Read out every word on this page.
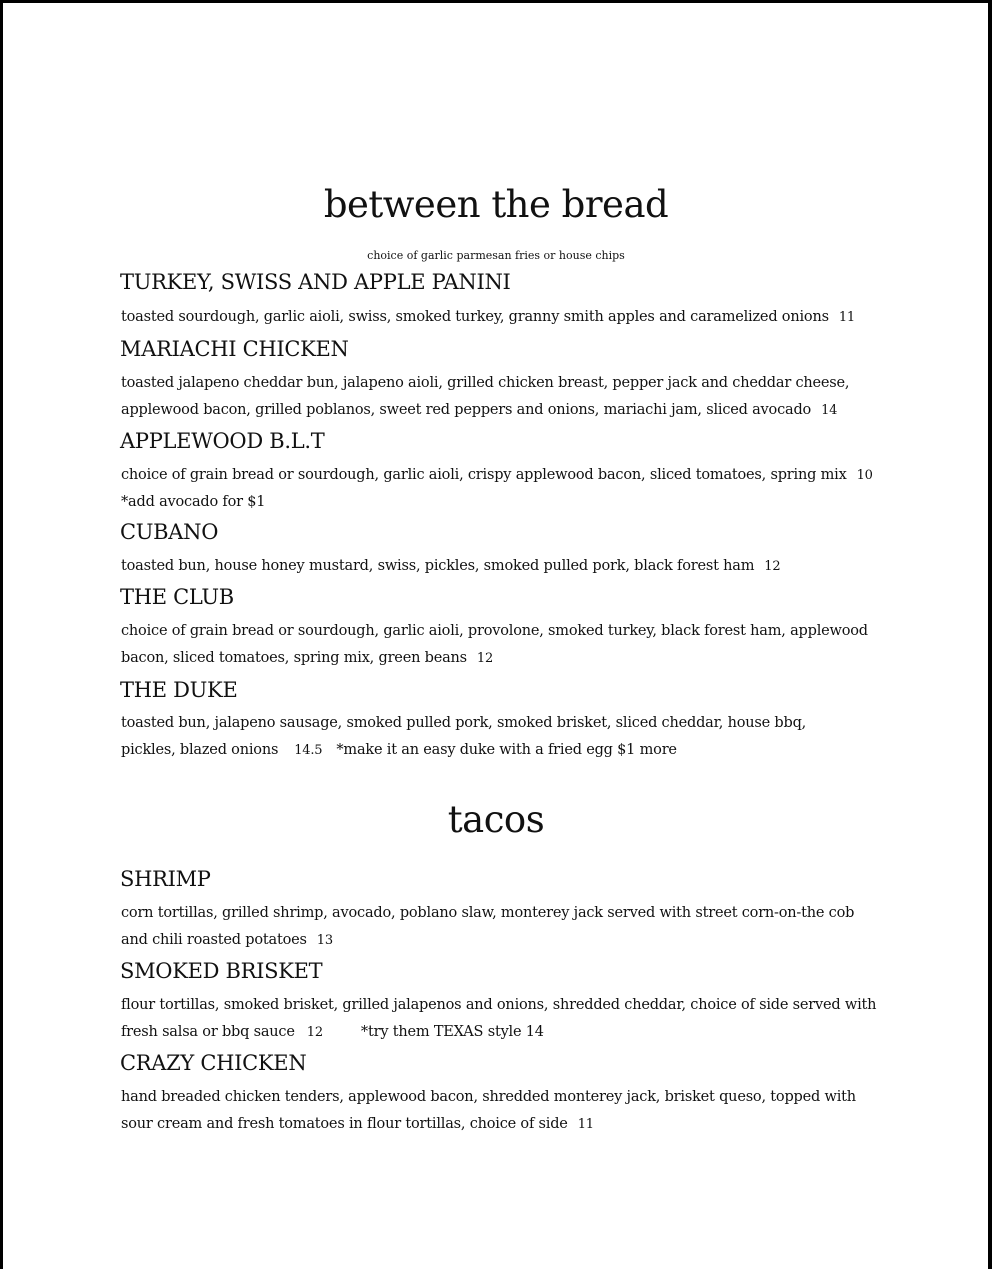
between the bread

choice of garlic parmesan fries or house chips

TURKEY, SWISS AND APPLE PANINI

toasted sourdough, garlic aioli, swiss, smoked turkey, granny smith apples and caramelized onions 11

MARIACHI CHICKEN

toasted jalapeno cheddar bun, jalapeno aioli, grilled chicken breast, pepper jack and cheddar cheese,
applewood bacon, grilled poblanos, sweet red peppers and onions, mariachi jam, sliced avocado 14

APPLEWOOD B.L.T

choice of grain bread or sourdough, garlic aioli, crispy applewood bacon, sliced tomatoes, spring mix 10
*add avocado for $1

CUBANO

toasted bun, house honey mustard, swiss, pickles, smoked pulled pork, black forest ham 12

THE CLUB

choice of grain bread or sourdough, garlic aioli, provolone, smoked turkey, black forest ham, applewood
bacon, sliced tomatoes, spring mix, green beans 12

THE DUKE

toasted bun, jalapeno sausage, smoked pulled pork, smoked brisket, sliced cheddar, house bbq,
pickles, blazed onions 14.5 *make it an easy duke with a fried egg $1 more

tacos
SHRIMP

corn tortillas, grilled shrimp, avocado, poblano slaw, monterey jack served with street corn-on-the cob
and chili roasted potatoes 13

SMOKED BRISKET

flour tortillas, smoked brisket, grilled jalapenos and onions, shredded cheddar, choice of side served with
fresh salsa or bbq sauce 12	*try them TEXAS style 14

CRAZY CHICKEN

hand breaded chicken tenders, applewood bacon, shredded monterey jack, brisket queso, topped with
sour cream and fresh tomatoes in flour tortillas, choice of side 11
